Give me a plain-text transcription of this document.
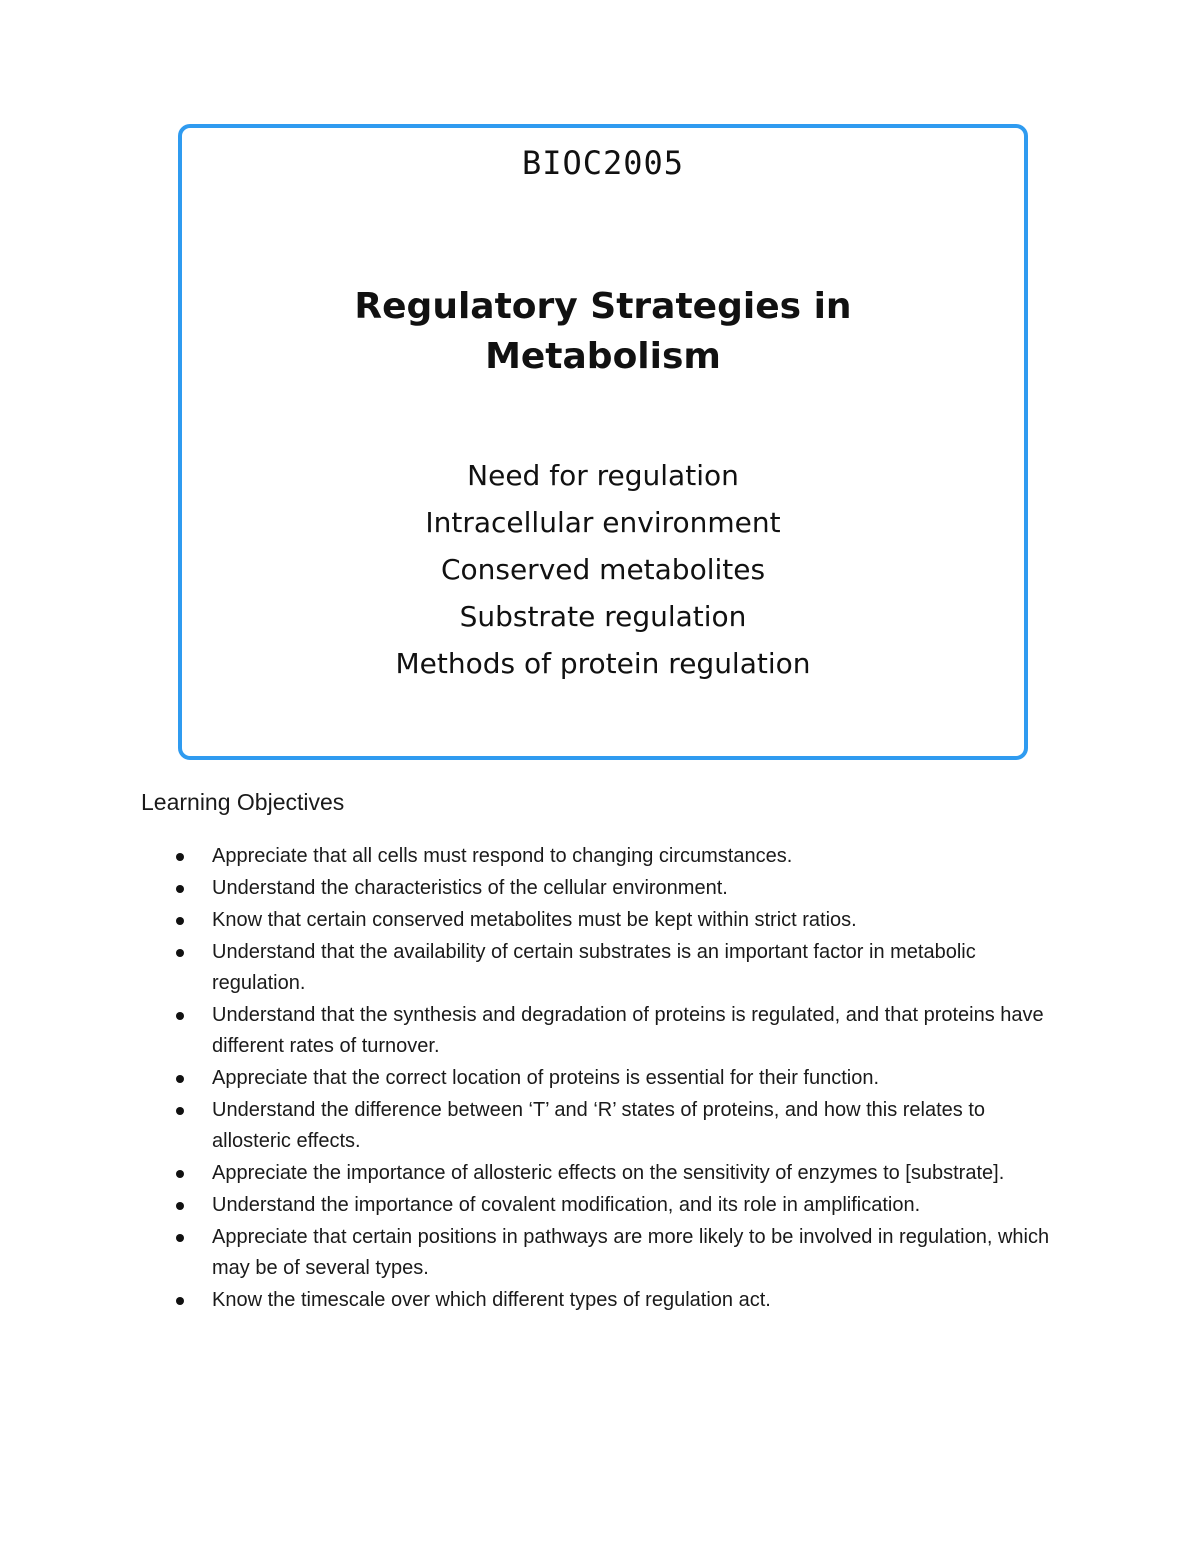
BIOC2005
Regulatory Strategies in
Metabolism
Need for regulation
Intracellular environment
Conserved metabolites
Substrate regulation
Methods of protein regulation
Learning Objectives
Appreciate that all cells must respond to changing circumstances.
Understand the characteristics of the cellular environment.
Know that certain conserved metabolites must be kept within strict ratios.
Understand that the availability of certain substrates is an important factor in metabolic regulation.
Understand that the synthesis and degradation of proteins is regulated, and that proteins have different rates of turnover.
Appreciate that the correct location of proteins is essential for their function.
Understand the difference between ‘T’ and ‘R’ states of proteins, and how this relates to allosteric effects.
Appreciate the importance of allosteric effects on the sensitivity of enzymes to [substrate].
Understand the importance of covalent modification, and its role in amplification.
Appreciate that certain positions in pathways are more likely to be involved in regulation, which may be of several types.
Know the timescale over which different types of regulation act.
